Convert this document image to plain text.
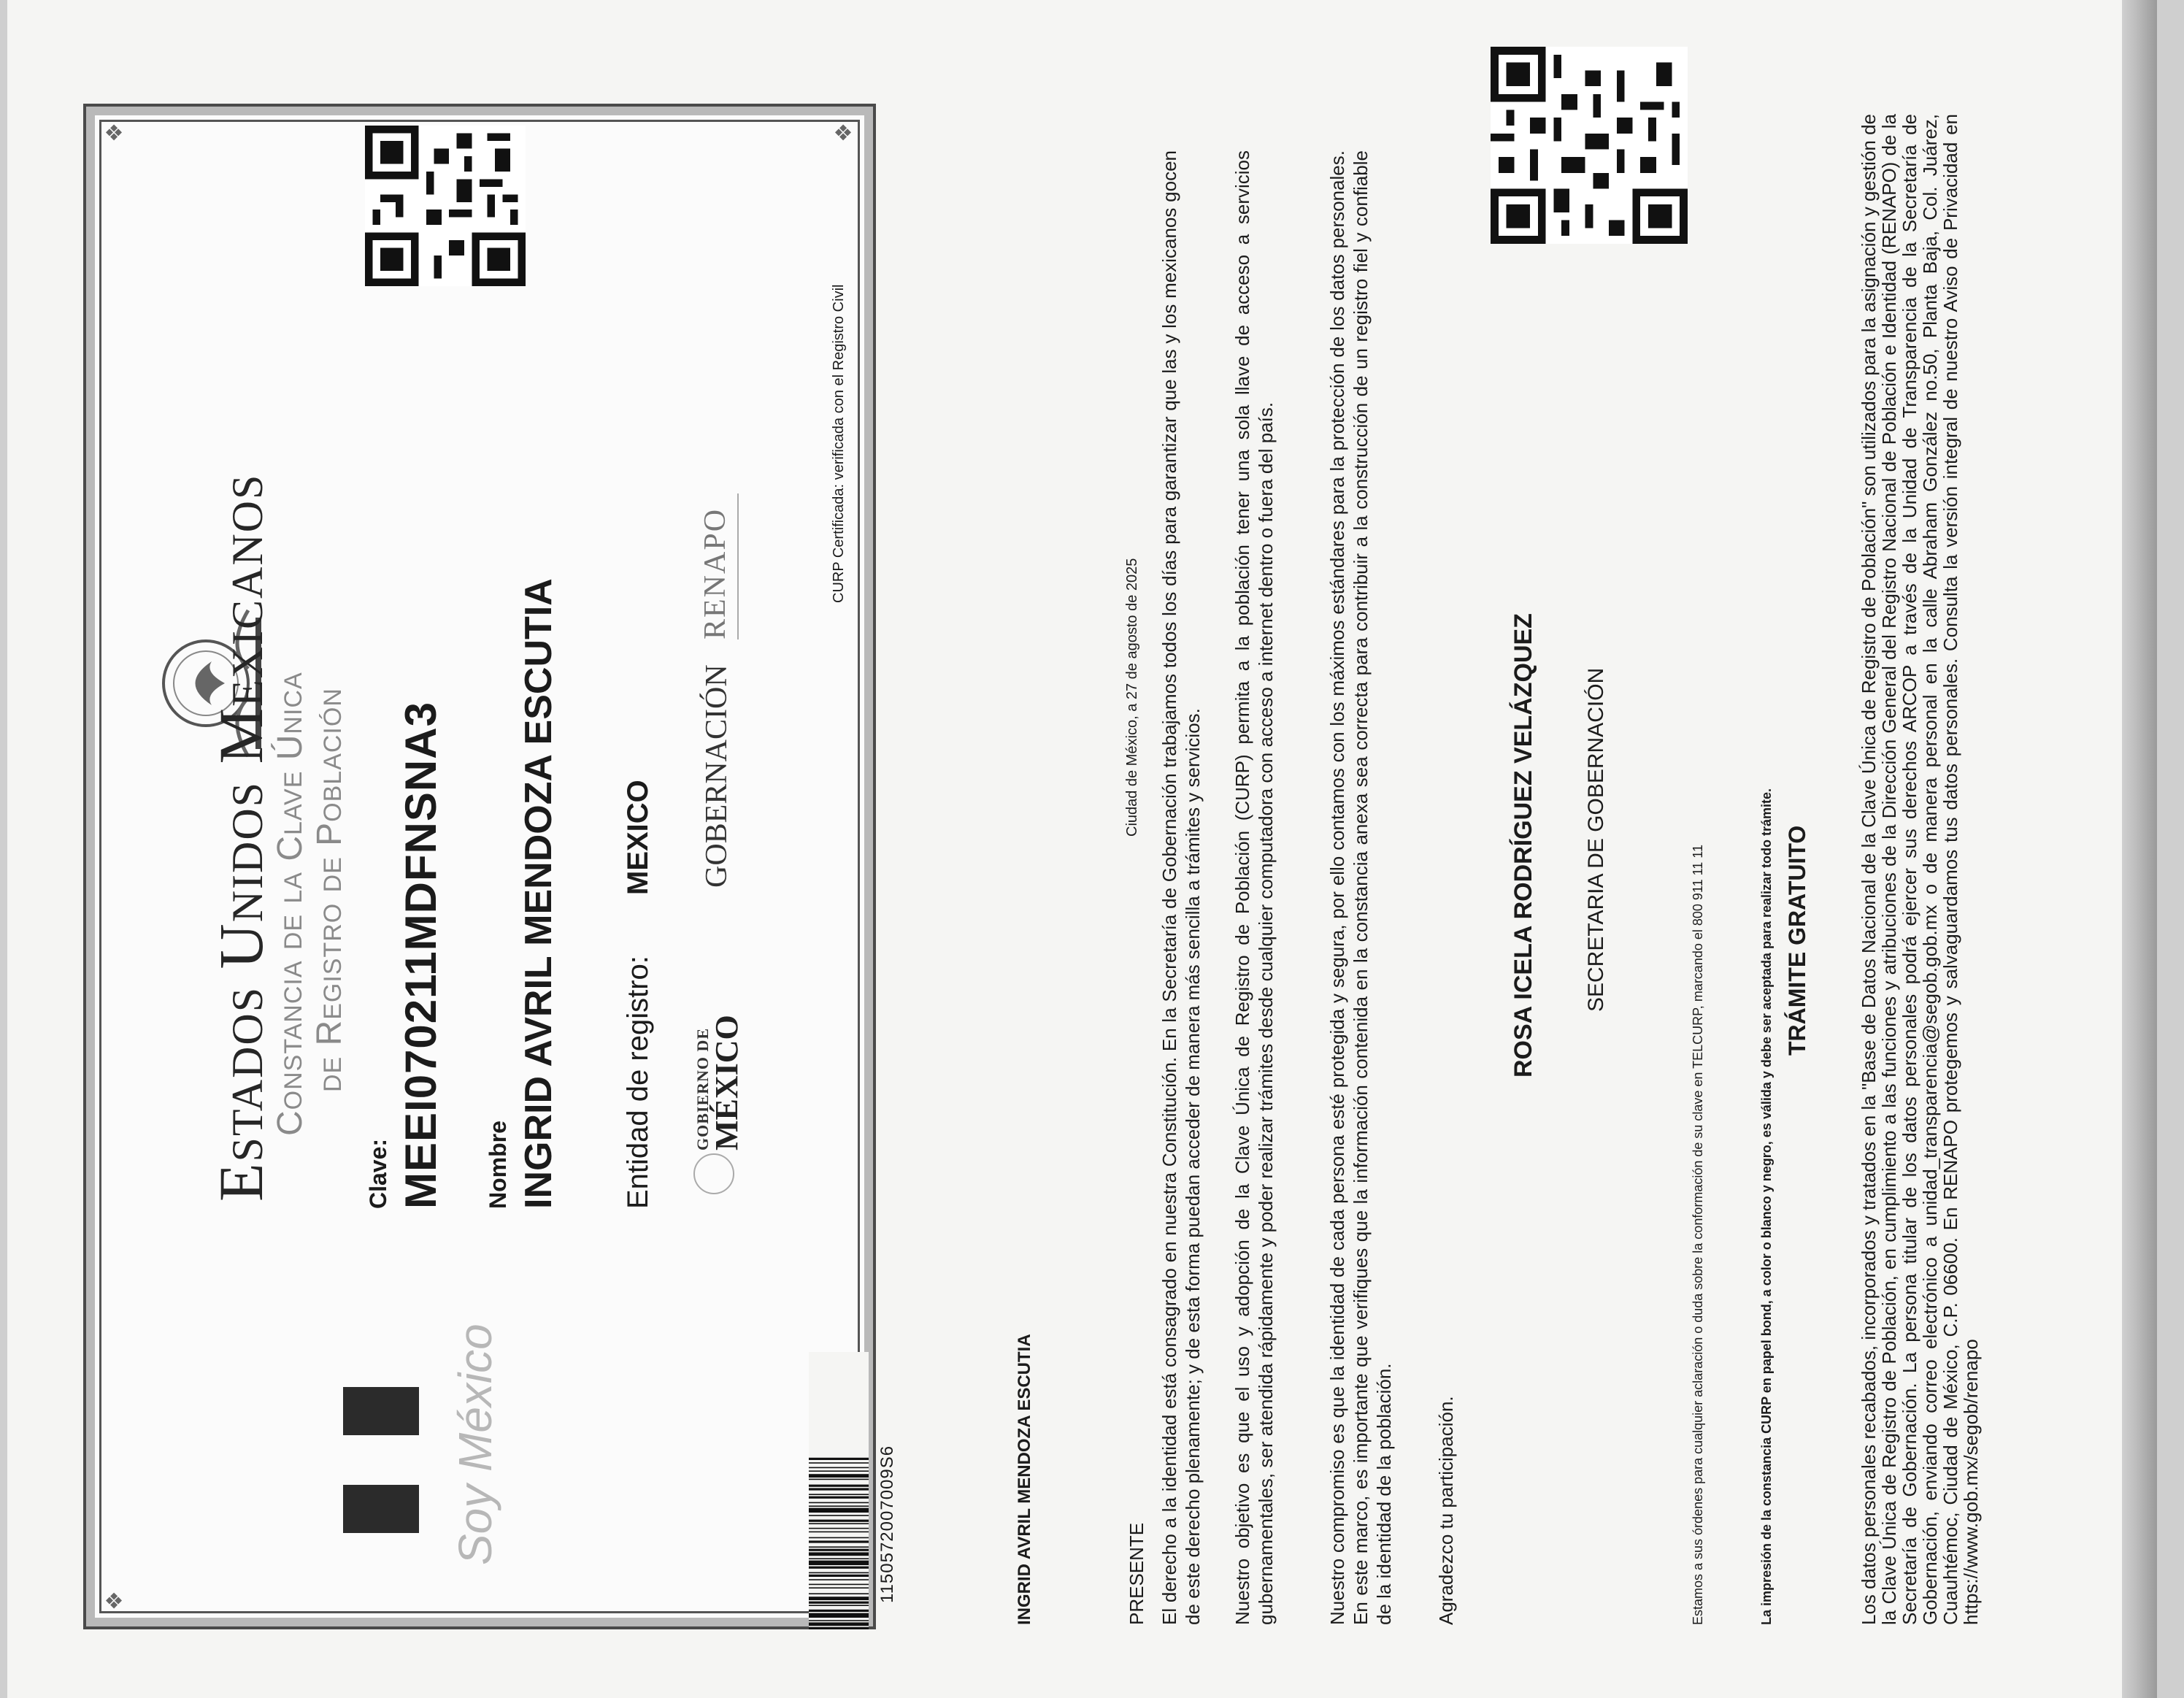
❖
❖	❖
Soy México
Estados Unidos Mexicanos
Constancia de la Clave Única de Registro de Población
Clave: MEEI070211MDFNSNA3 Nombre INGRID AVRIL MENDOZA ESCUTIA Entidad de registro:
MEXICO
GOBIERNO DE
MÉXICO
GOBERNACIÓN
RENAPO
1150572007009S6
CURP Certificada: verificada con el Registro Civil
INGRID AVRIL MENDOZA ESCUTIA
Ciudad de México, a 27 de agosto de 2025
PRESENTE El derecho a la identidad está consagrado en nuestra Constitución. En la Secretaría de Gobernación trabajamos todos los días para garantizar que las y los mexicanos gocen de este derecho plenamente; y de esta forma puedan acceder de manera más sencilla a trámites y servicios. Nuestro objetivo es que el uso y adopción de la Clave Única de Registro de Población (CURP) permita a la población tener una sola llave de acceso a servicios gubernamentales, ser atendida rápidamente y poder realizar trámites desde cualquier computadora con acceso a internet dentro o fuera del país.	Nuestro compromiso es que la identidad de cada persona esté protegida y segura, por ello contamos con los máximos estándares para la protección de los datos personales. En este marco, es importante que verifiques que la información contenida en la constancia anexa sea correcta para contribuir a la construcción de un registro fiel y confiable de la identidad de la población. Agradezco tu participación.
ROSA ICELA RODRÍGUEZ VELÁZQUEZ SECRETARIA DE GOBERNACIÓN
Estamos a sus órdenes para cualquier aclaración o duda sobre la conformación de su clave en TELCURP, marcando el 800 911 11 11	La impresión de la constancia CURP en papel bond, a color o blanco y negro, es válida y debe ser aceptada para realizar todo trámite. TRÁMITE GRATUITO	Los datos personales recabados, incorporados y tratados en la "Base de Datos Nacional de la Clave Única de Registro de Población" son utilizados para la asignación y gestión de la Clave Única de Registro de Población, en cumplimiento a las funciones y atribuciones de la Dirección General del Registro Nacional de Población e Identidad (RENAPO) de la Secretaría de Gobernación. La persona titular de los datos personales podrá ejercer sus derechos ARCOP a través de la Unidad de Transparencia de la Secretaría de Gobernación, enviando correo electrónico a unidad_transparencia@segob.gob.mx o de manera personal en la calle Abraham González no.50, Planta Baja, Col. Juárez, Cuauhtémoc, Ciudad de México, C.P. 06600. En RENAPO protegemos y salvaguardamos tus datos personales. Consulta la versión integral de nuestro Aviso de Privacidad en https://www.gob.mx/segob/renapo
